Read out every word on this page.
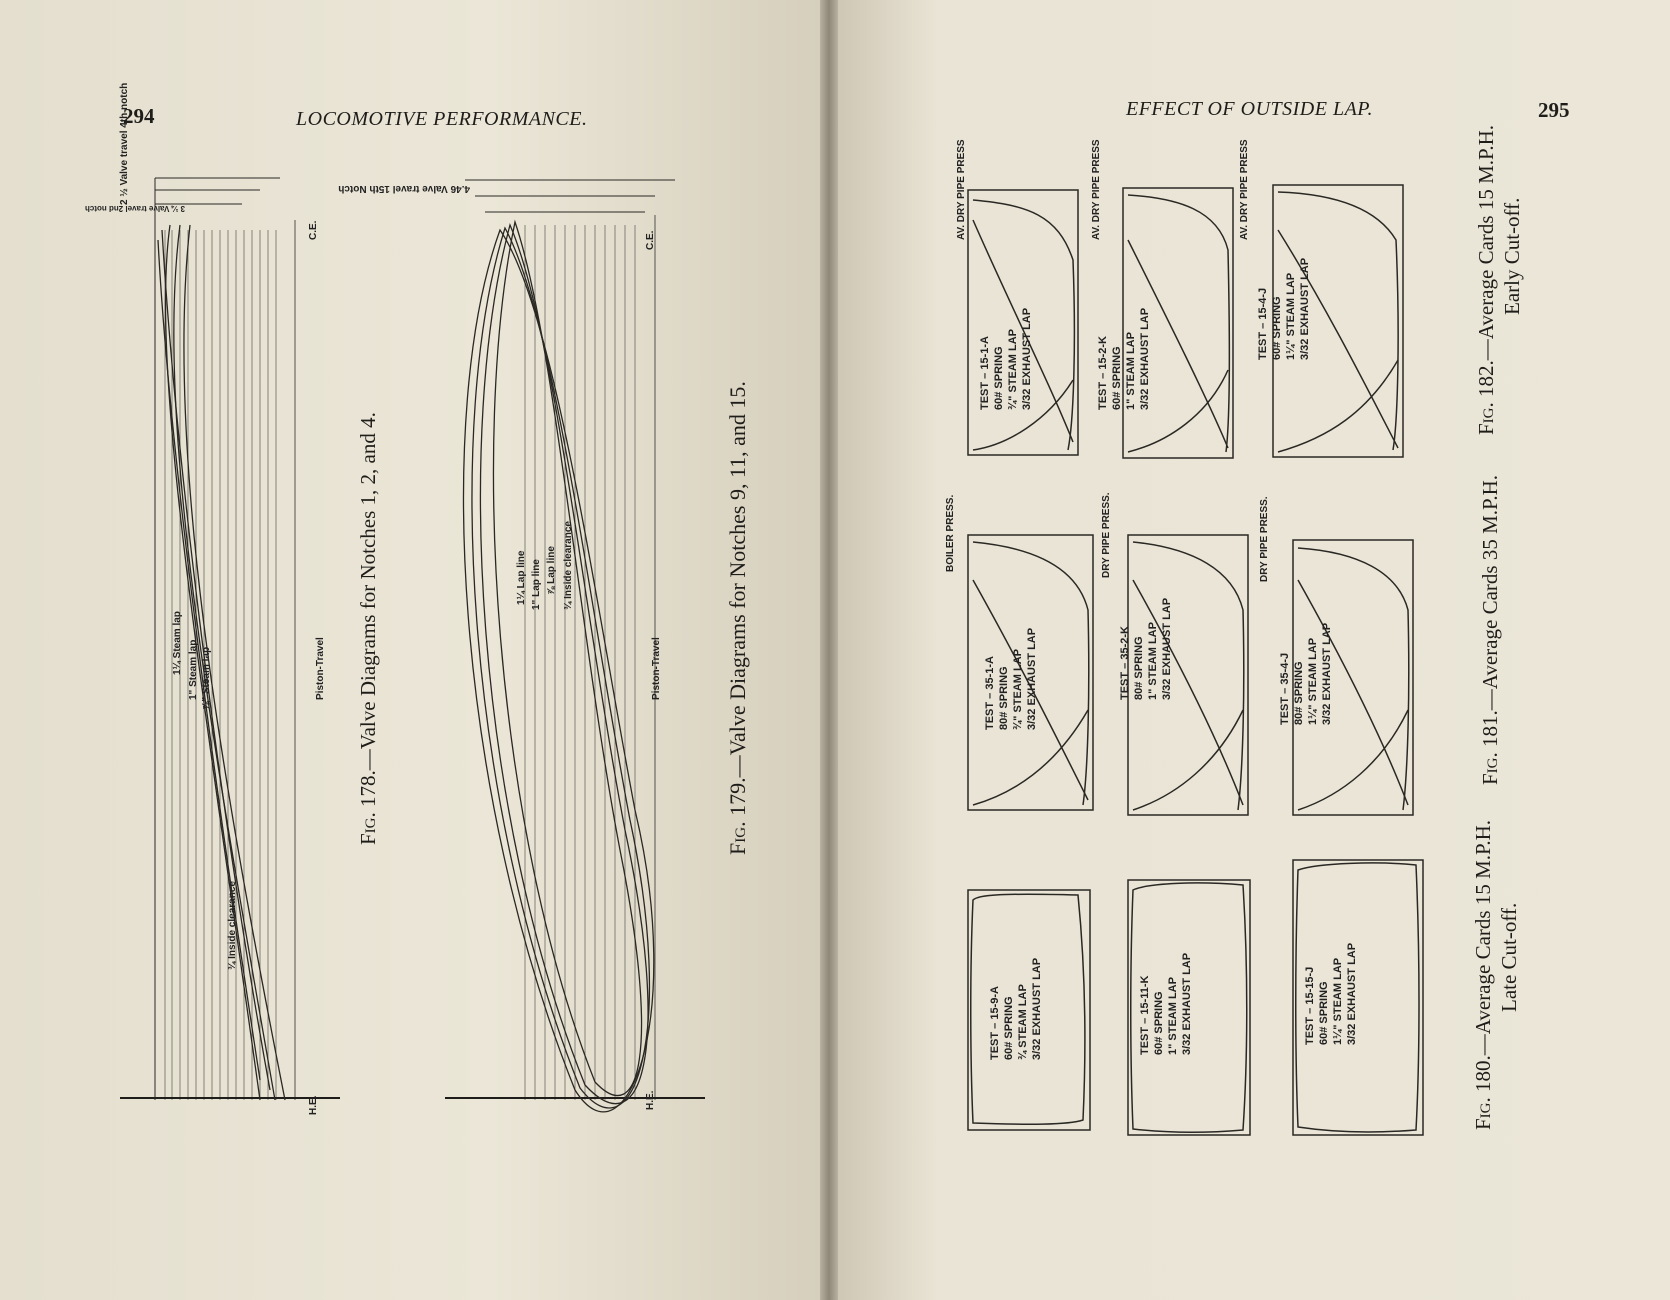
294	LOCOMOTIVE PERFORMANCE.
2 ½ Valve travel 4th notch
3 ¼ Valve travel 2nd notch
C.E.
H.E.
Piston-Travel
1¼ Steam lap 1" Steam lap ⅞" Steam lap
¾ Inside clearance
Fig. 178.—Valve Diagrams for Notches 1, 2, and 4.
4.46 Valve travel 15th Notch
C.E.
H.E.
Piston-Travel
1¼ Lap line 1" Lap line ⅞ Lap line ¾ Inside clearance
Fig. 179.—Valve Diagrams for Notches 9, 11, and 15.
EFFECT OF OUTSIDE LAP.	295
AV. DRY PIPE PRESS
TEST – 15-1-A 60# SPRING ¾" STEAM LAP 3/32 EXHAUST LAP
AV. DRY PIPE PRESS
TEST – 15-2-K 60# SPRING 1" STEAM LAP 3/32 EXHAUST LAP
AV. DRY PIPE PRESS
TEST – 15-4-J 60# SPRING 1¼" STEAM LAP 3/32 EXHAUST LAP
Fig. 182.—Average Cards 15 M.P.H. Early Cut-off.
BOILER PRESS.
TEST – 35-1-A 80# SPRING ¾" STEAM LAP 3/32 EXHAUST LAP
DRY PIPE PRESS.
TEST – 35-2-K 80# SPRING 1" STEAM LAP 3/32 EXHAUST LAP
DRY PIPE PRESS.
TEST – 35-4-J 80# SPRING 1¼" STEAM LAP 3/32 EXHAUST LAP
Fig. 181.—Average Cards 35 M.P.H.
TEST – 15-9-A 60# SPRING ¾ STEAM LAP 3/32 EXHAUST LAP	TEST – 15-11-K 60# SPRING 1" STEAM LAP 3/32 EXHAUST LAP	TEST – 15-15-J 60# SPRING 1¼" STEAM LAP 3/32 EXHAUST LAP
Fig. 180.—Average Cards 15 M.P.H. Late Cut-off.
